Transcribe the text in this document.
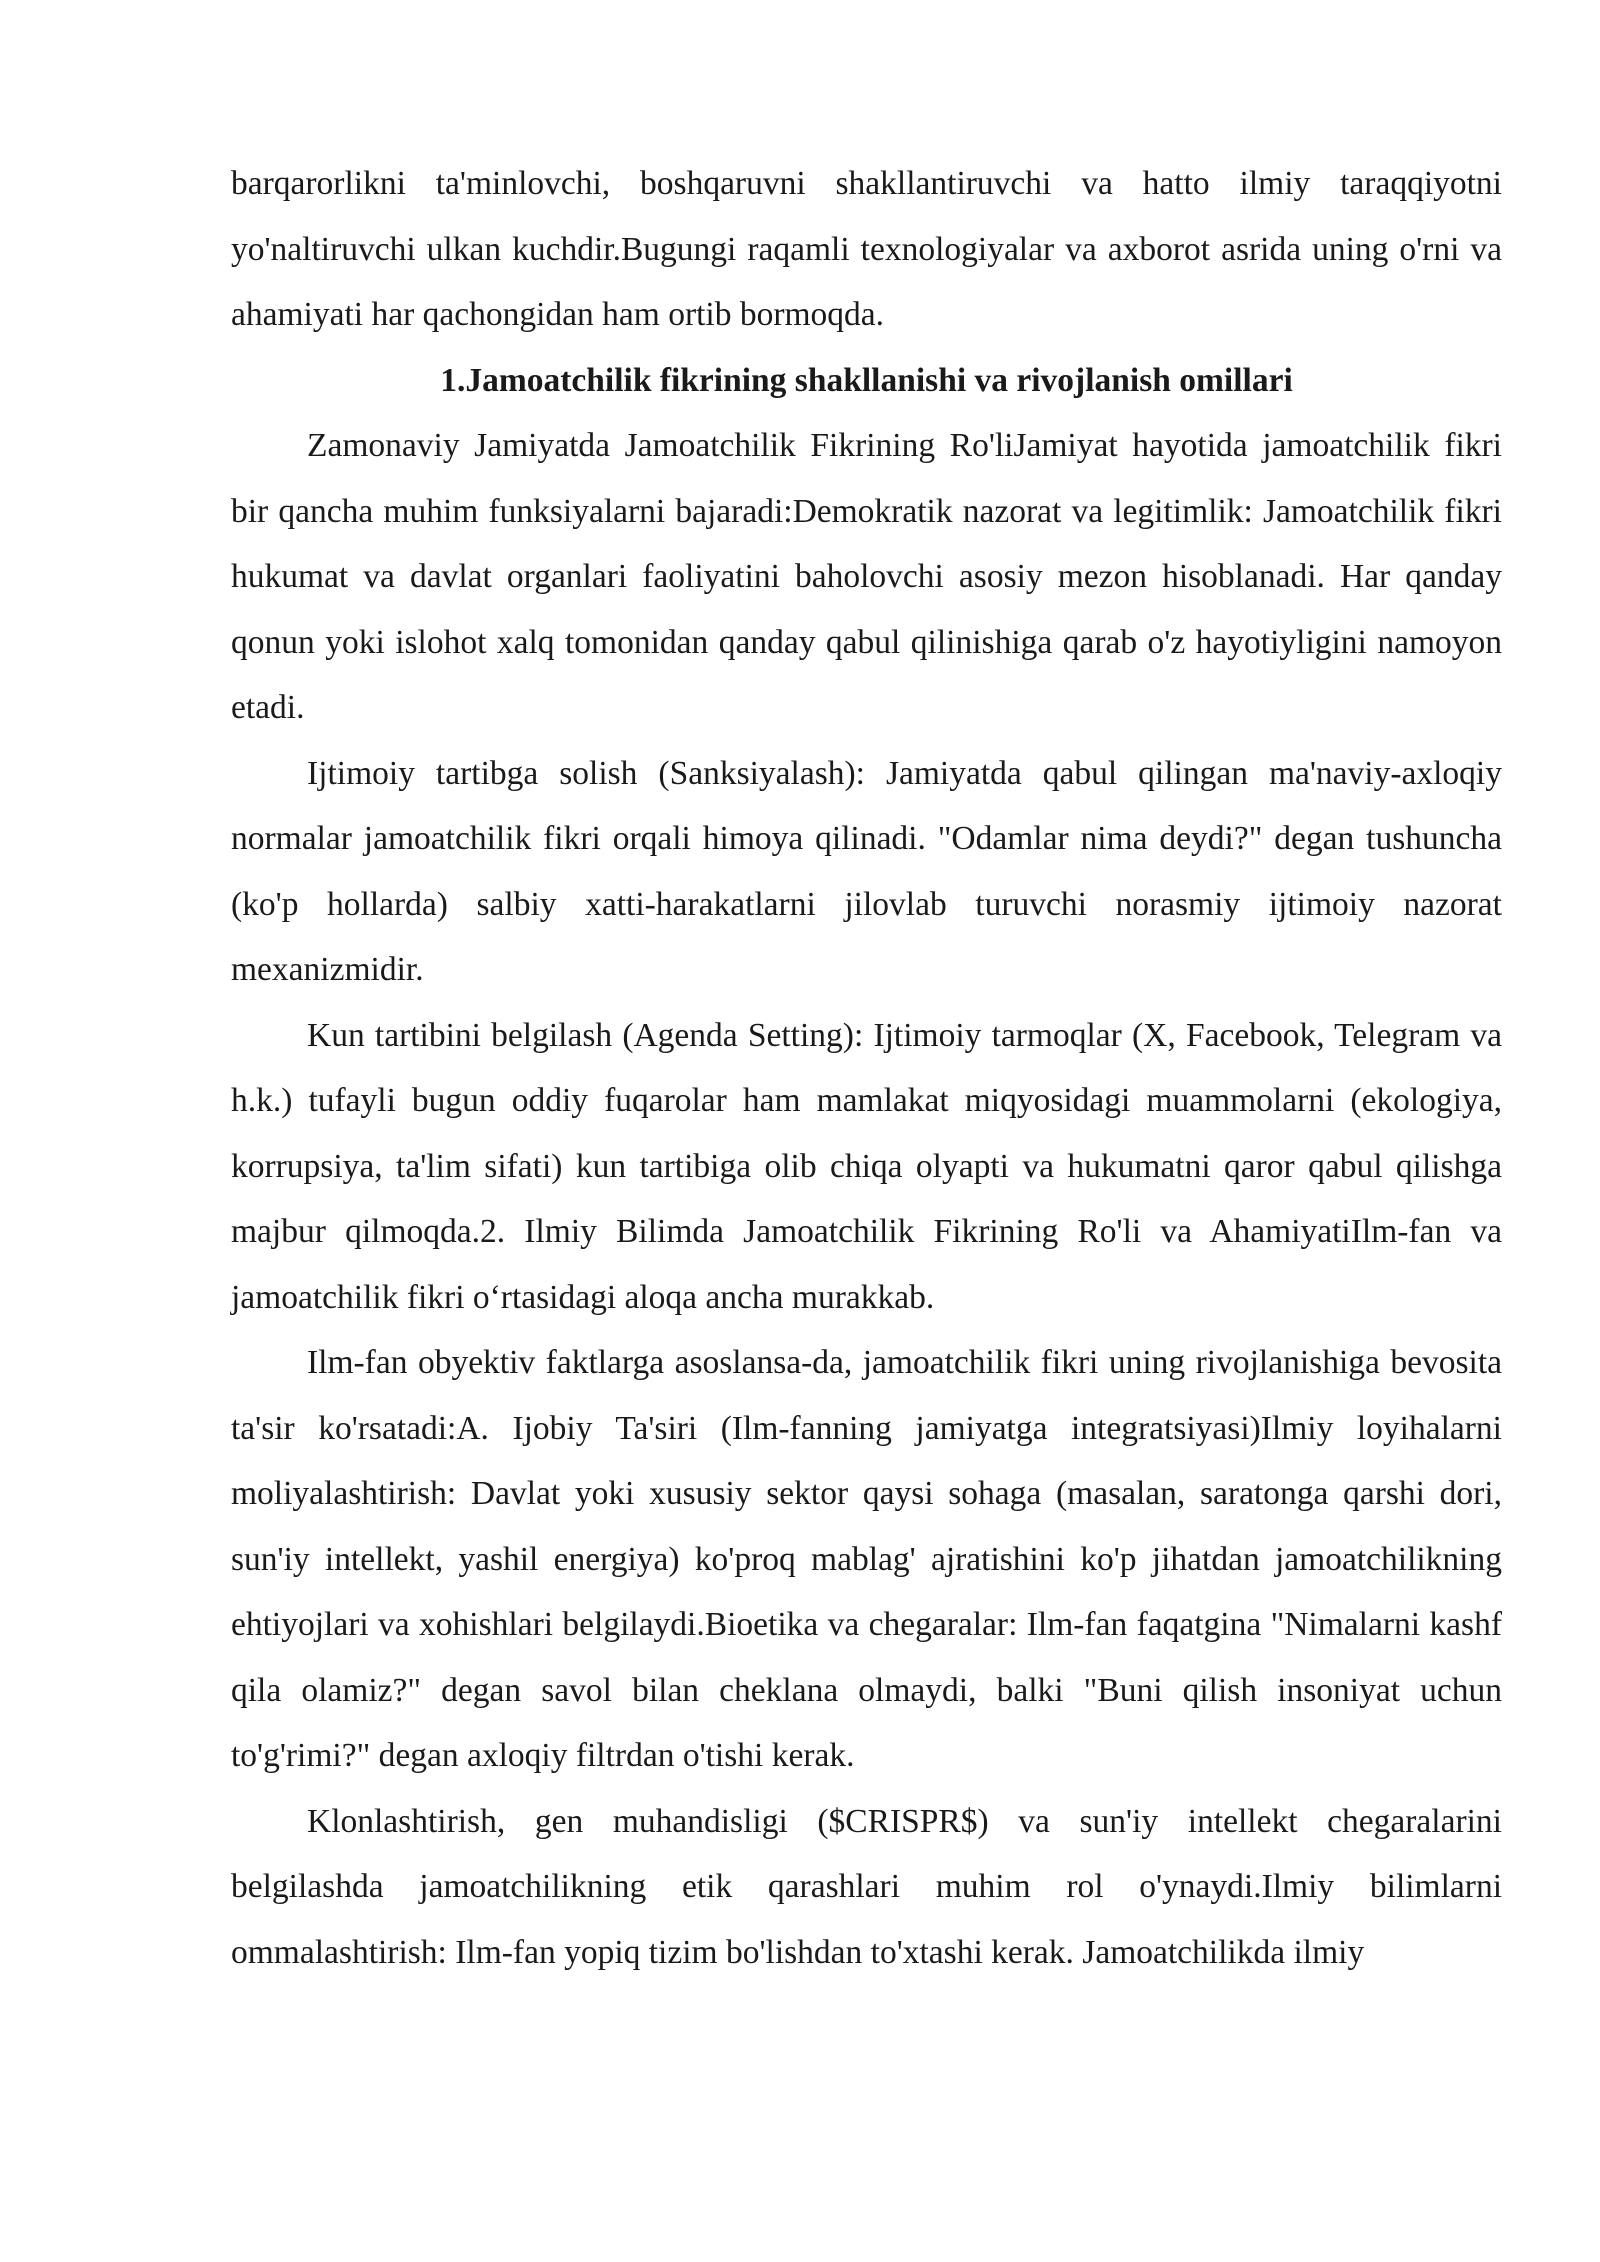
barqarorlikni ta'minlovchi, boshqaruvni shakllantiruvchi va hatto ilmiy taraqqiyotni yo'naltiruvchi ulkan kuchdir.Bugungi raqamli texnologiyalar va axborot asrida uning o'rni va ahamiyati har qachongidan ham ortib bormoqda.

1.Jamoatchilik fikrining shakllanishi va rivojlanish omillari

Zamonaviy Jamiyatda Jamoatchilik Fikrining Ro'liJamiyat hayotida jamoatchilik fikri bir qancha muhim funksiyalarni bajaradi:Demokratik nazorat va legitimlik: Jamoatchilik fikri hukumat va davlat organlari faoliyatini baholovchi asosiy mezon hisoblanadi. Har qanday qonun yoki islohot xalq tomonidan qanday qabul qilinishiga qarab o'z hayotiyligini namoyon etadi.

Ijtimoiy tartibga solish (Sanksiyalash): Jamiyatda qabul qilingan ma'naviy-axloqiy normalar jamoatchilik fikri orqali himoya qilinadi. "Odamlar nima deydi?" degan tushuncha (ko'p hollarda) salbiy xatti-harakatlarni jilovlab turuvchi norasmiy ijtimoiy nazorat mexanizmidir.

Kun tartibini belgilash (Agenda Setting): Ijtimoiy tarmoqlar (X, Facebook, Telegram va h.k.) tufayli bugun oddiy fuqarolar ham mamlakat miqyosidagi muammolarni (ekologiya, korrupsiya, ta'lim sifati) kun tartibiga olib chiqa olyapti va hukumatni qaror qabul qilishga majbur qilmoqda.2. Ilmiy Bilimda Jamoatchilik Fikrining Ro'li va AhamiyatiIlm-fan va jamoatchilik fikri o‘rtasidagi aloqa ancha murakkab.

Ilm-fan obyektiv faktlarga asoslansa-da, jamoatchilik fikri uning rivojlanishiga bevosita ta'sir ko'rsatadi:A. Ijobiy Ta'siri (Ilm-fanning jamiyatga integratsiyasi)Ilmiy loyihalarni moliyalashtirish: Davlat yoki xususiy sektor qaysi sohaga (masalan, saratonga qarshi dori, sun'iy intellekt, yashil energiya) ko'proq mablag' ajratishini ko'p jihatdan jamoatchilikning ehtiyojlari va xohishlari belgilaydi.Bioetika va chegaralar: Ilm-fan faqatgina "Nimalarni kashf qila olamiz?" degan savol bilan cheklana olmaydi, balki "Buni qilish insoniyat uchun to'g'rimi?" degan axloqiy filtrdan o'tishi kerak.

Klonlashtirish, gen muhandisligi ($CRISPR$) va sun'iy intellekt chegaralarini belgilashda jamoatchilikning etik qarashlari muhim rol o'ynaydi.Ilmiy bilimlarni ommalashtirish: Ilm-fan yopiq tizim bo'lishdan to'xtashi kerak. Jamoatchilikda ilmiy
